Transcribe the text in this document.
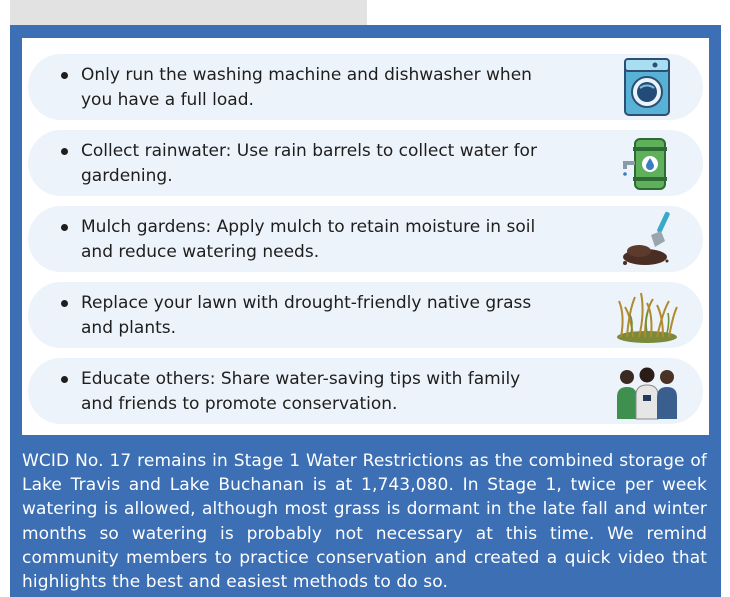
Only run the washing machine and dishwasher when you have a full load.
Collect rainwater: Use rain barrels to collect water for gardening.
Mulch gardens: Apply mulch to retain moisture in soil and reduce watering needs.
Replace your lawn with drought-friendly native grass and plants.
Educate others: Share water-saving tips with family and friends to promote conservation.
WCID No. 17 remains in Stage 1 Water Restrictions as the combined storage of Lake Travis and Lake Buchanan is at 1,743,080. In Stage 1, twice per week watering is allowed, although most grass is dormant in the late fall and winter months so watering is probably not necessary at this time. We remind community members to practice conservation and created a quick video that highlights the best and easiest methods to do so.
